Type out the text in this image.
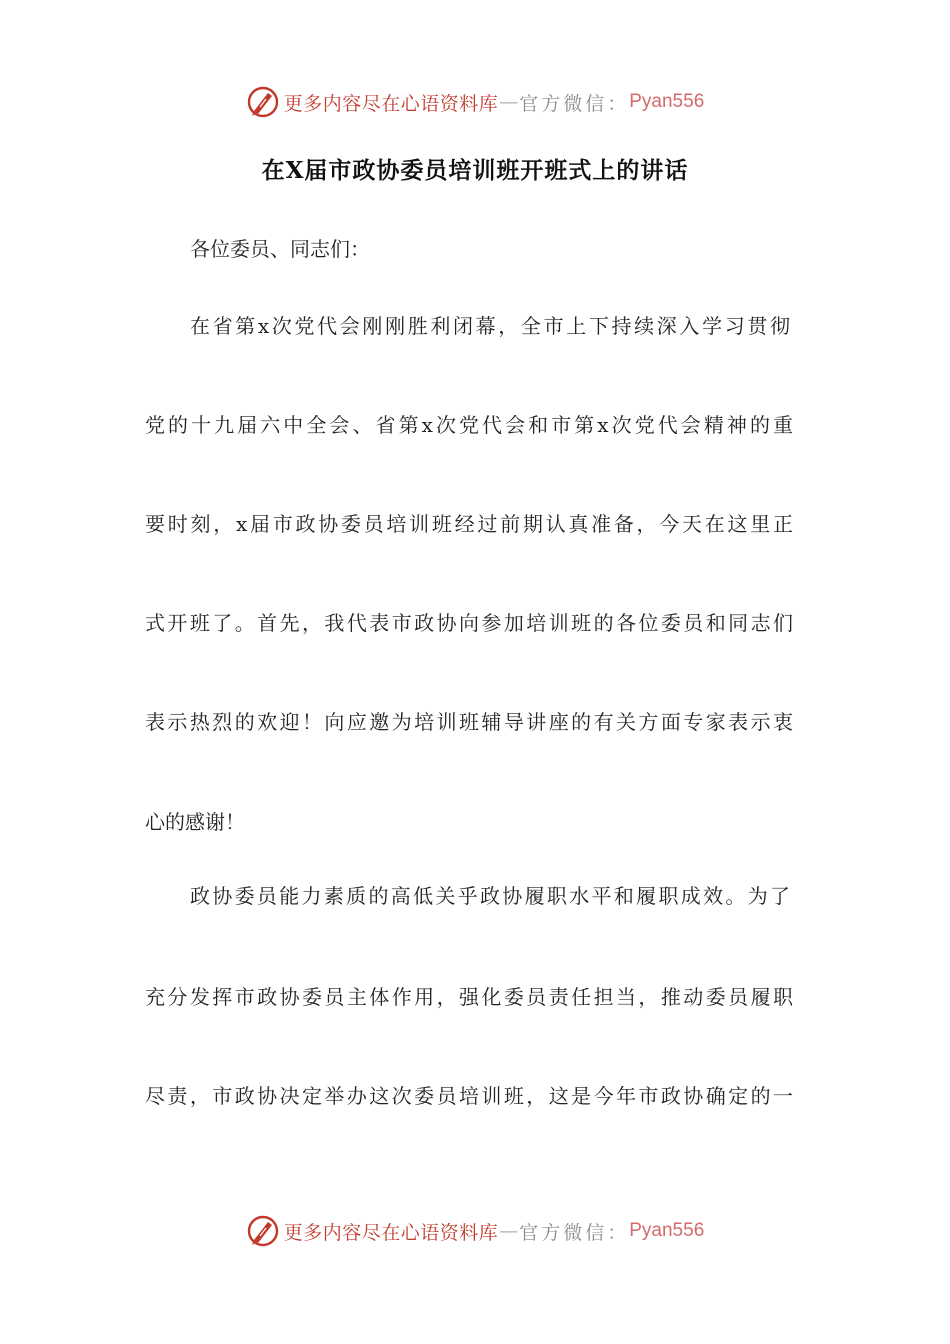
更多内容尽在心语资料库 — 官方微信： Pyan556
在X届市政协委员培训班开班式上的讲话

各位委员、同志们：

在省第x次党代会刚刚胜利闭幕，全市上下持续深入学习贯彻

党的十九届六中全会、省第x次党代会和市第x次党代会精神的重

要时刻，x届市政协委员培训班经过前期认真准备，今天在这里正

式开班了。首先，我代表市政协向参加培训班的各位委员和同志们

表示热烈的欢迎！向应邀为培训班辅导讲座的有关方面专家表示衷

心的感谢！

政协委员能力素质的高低关乎政协履职水平和履职成效。为了

充分发挥市政协委员主体作用，强化委员责任担当，推动委员履职

尽责，市政协决定举办这次委员培训班，这是今年市政协确定的一

更多内容尽在心语资料库 — 官方微信： Pyan556
